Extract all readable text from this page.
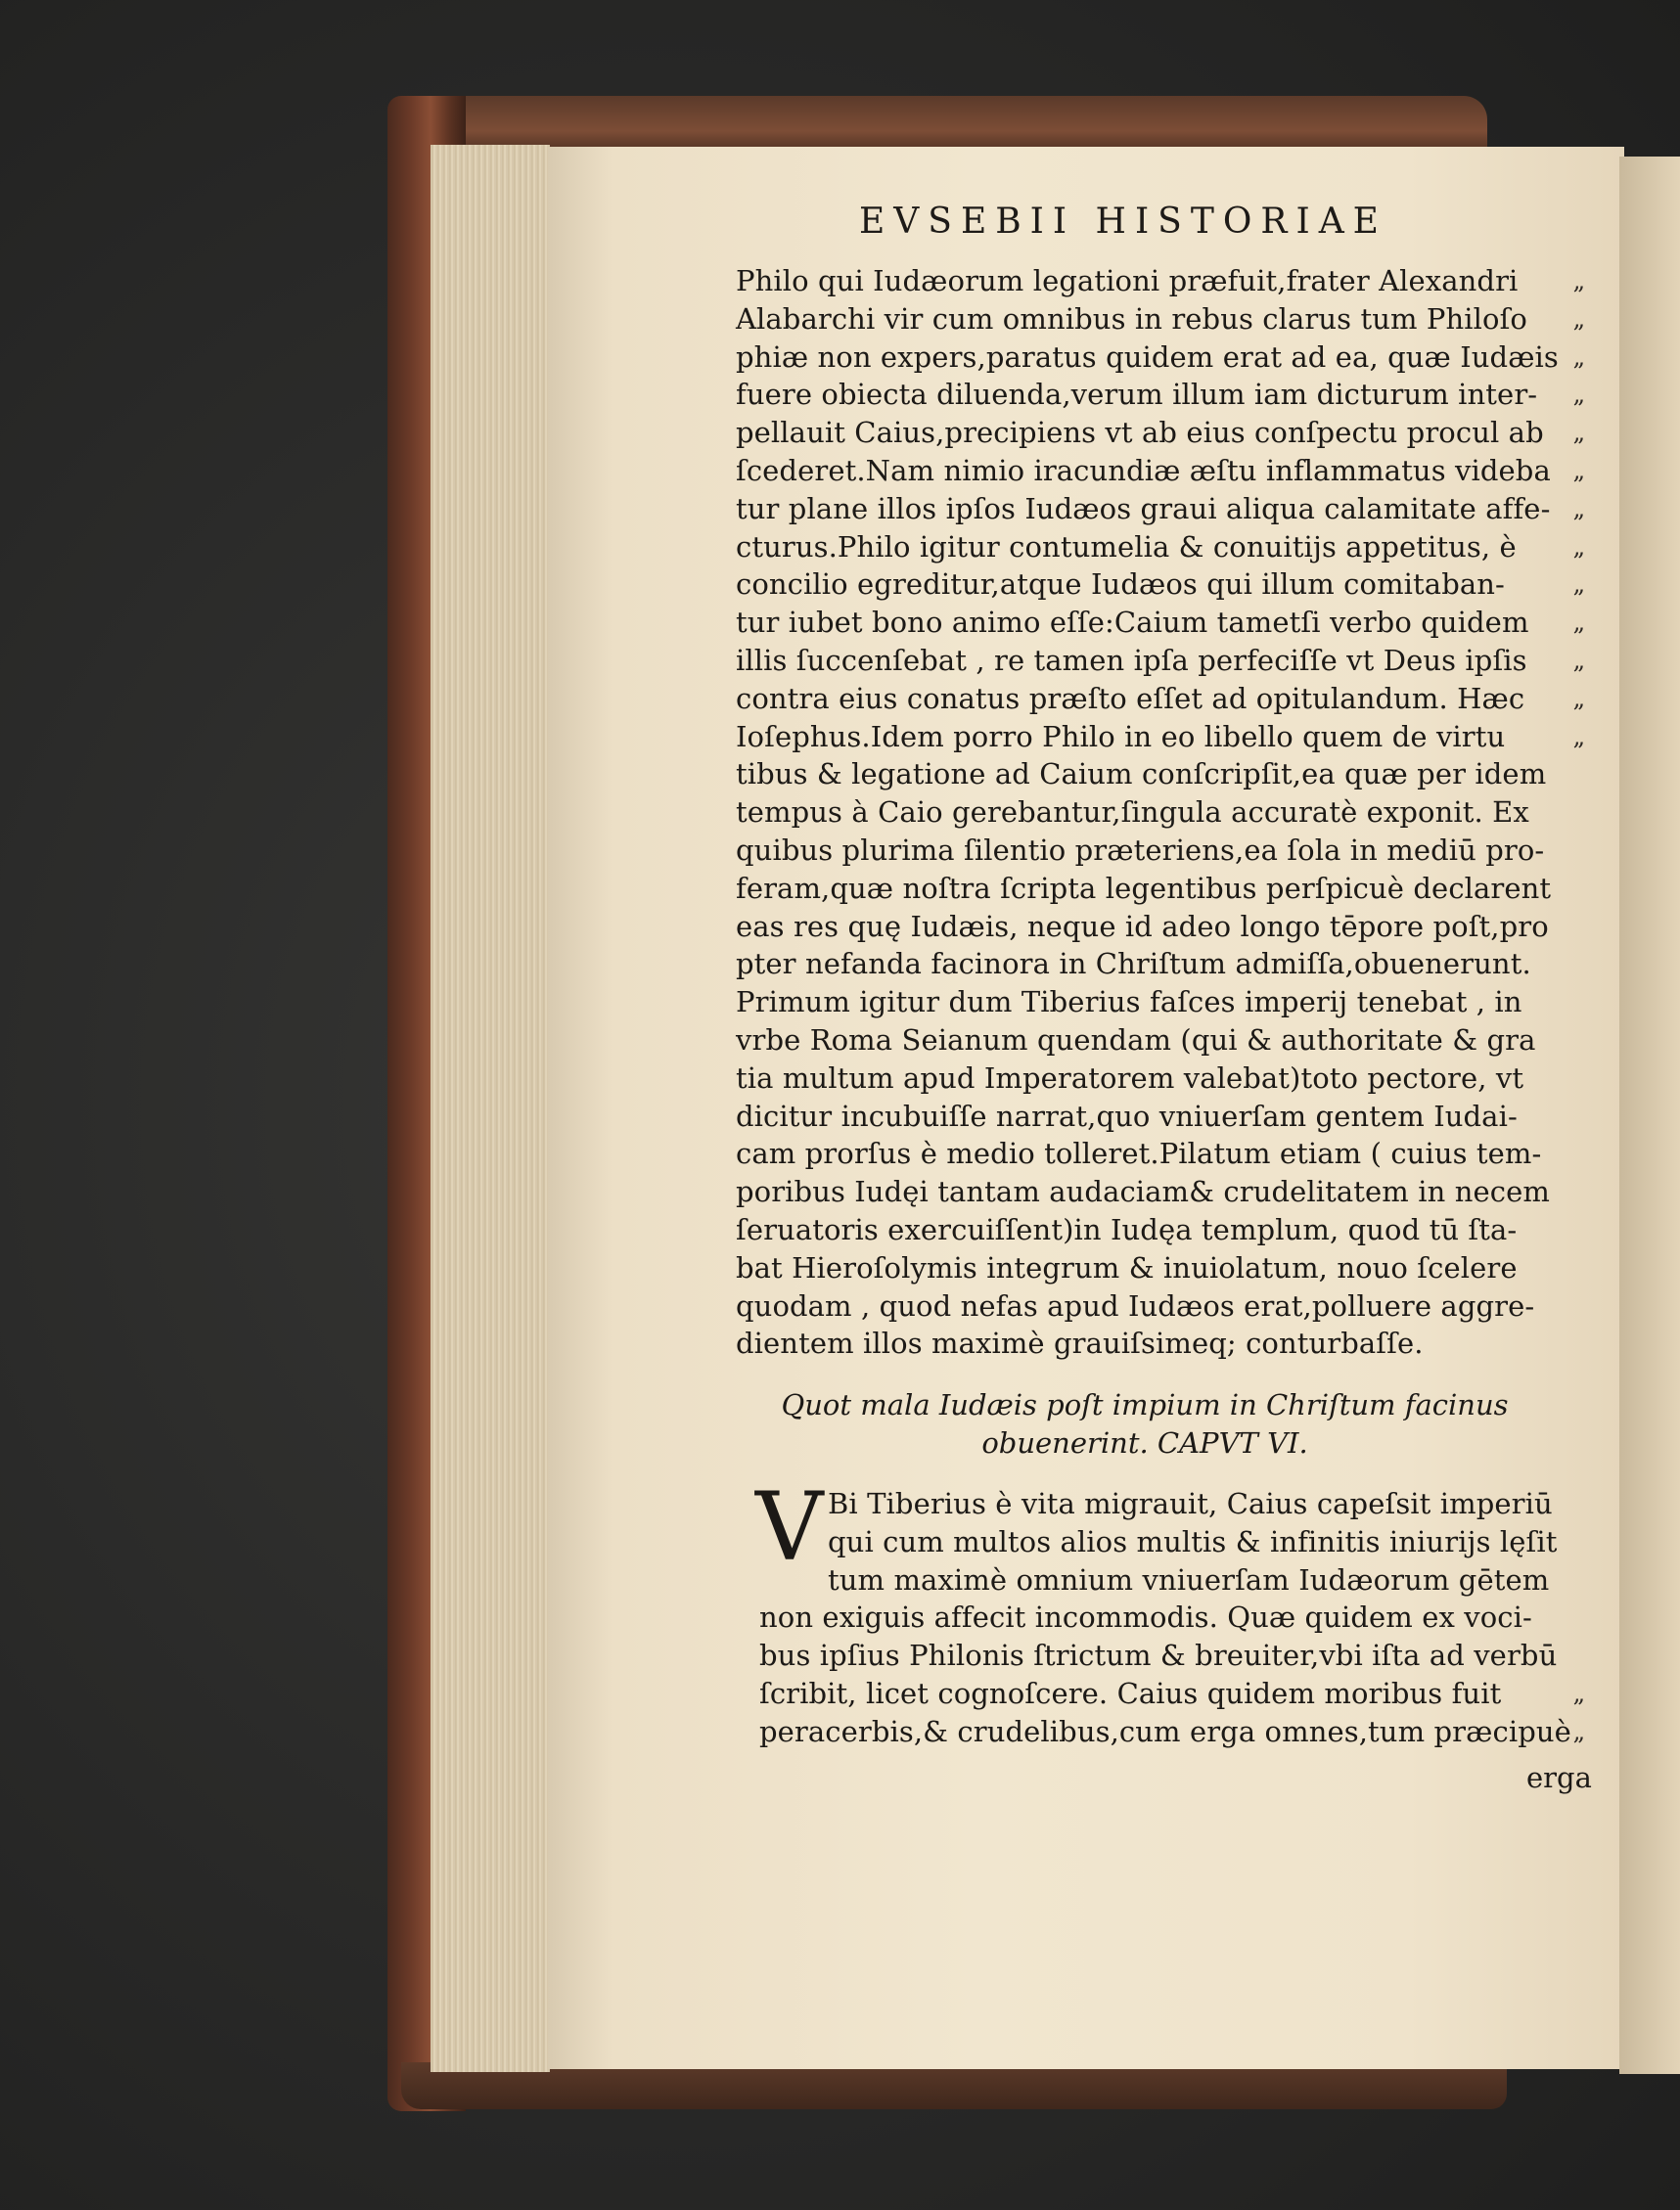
EVSEBII HISTORIAE
Philo qui Iudæorum legationi præfuit,frater Alexandri	„
Alabarchi vir cum omnibus in rebus clarus tum Philoſo	„
phiæ non expers,paratus quidem erat ad ea, quæ Iudæis „
fuere obiecta diluenda,verum illum iam dicturum inter-	„
pellauit Caius,precipiens vt ab eius conſpectu procul ab	„
ſcederet.Nam nimio iracundiæ æſtu inflammatus videba „
tur plane illos ipſos Iudæos graui aliqua calamitate affe- „
cturus.Philo igitur contumelia & conuitijs appetitus, è	„
concilio egreditur,atque Iudæos qui illum comitaban-	„
tur iubet bono animo eſſe:Caium tametſi verbo quidem	„
illis ſuccenſebat , re tamen ipſa perfeciſſe vt Deus ipſis	„
contra eius conatus præſto eſſet ad opitulandum. Hæc	„
Ioſephus.Idem porro Philo in eo libello quem de virtu	„
tibus & legatione ad Caium conſcripſit,ea quæ per idem
tempus à Caio gerebantur,ſingula accuratè exponit. Ex
quibus plurima ſilentio præteriens,ea ſola in mediū pro-
feram,quæ noſtra ſcripta legentibus perſpicuè declarent
eas res quę Iudæis, neque id adeo longo tēpore poſt,pro
pter nefanda facinora in Chriſtum admiſſa,obuenerunt.
Primum igitur dum Tiberius faſces imperij tenebat , in
vrbe Roma Seianum quendam (qui & authoritate & gra
tia multum apud Imperatorem valebat)toto pectore, vt
dicitur incubuiſſe narrat,quo vniuerſam gentem Iudai-
cam prorſus è medio tolleret.Pilatum etiam ( cuius tem-
poribus Iudęi tantam audaciam& crudelitatem in necem
ſeruatoris exercuiſſent)in Iudęa templum, quod tū ſta-
bat Hieroſolymis integrum & inuiolatum, nouo ſcelere
quodam , quod nefas apud Iudæos erat,polluere aggre-
dientem illos maximè grauiſsimeq; conturbaſſe.
Quot mala Iudæis poſt impium in Chriſtum facinus
obuenerint. CAPVT VI.
V Bi Tiberius è vita migrauit, Caius capeſsit imperiū
qui cum multos alios multis & infinitis iniurijs lęſit
tum maximè omnium vniuerſam Iudæorum gētem
non exiguis affecit incommodis. Quæ quidem ex voci-
bus ipſius Philonis ſtrictum & breuiter,vbi iſta ad verbū
ſcribit, licet cognoſcere. Caius quidem moribus fuit	„
peracerbis,& crudelibus,cum erga omnes,tum præcipuè „
erga
